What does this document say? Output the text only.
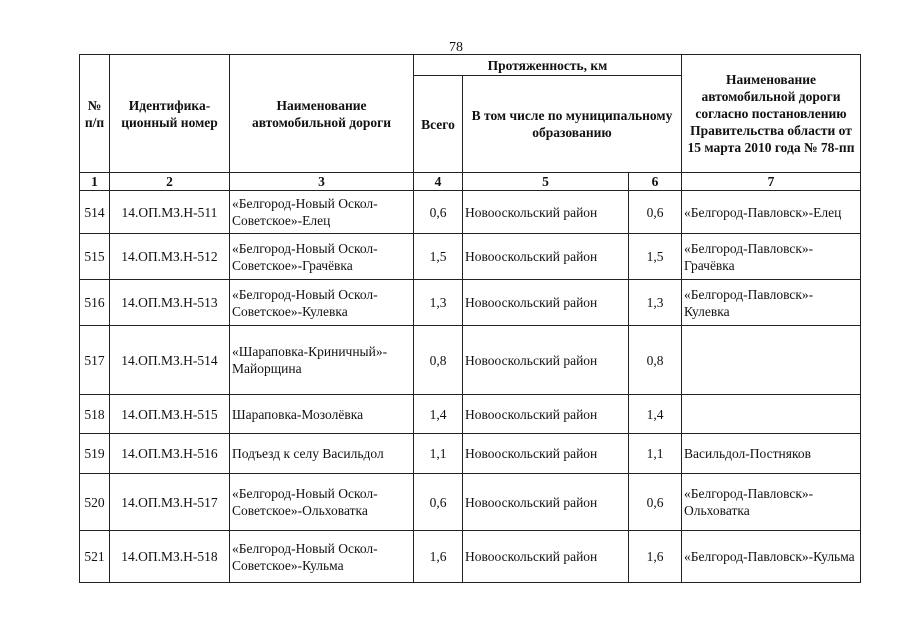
78
№ п/п	Идентифика-ционный номер	Наименование автомобильной дороги	Протяженность, км			Наименование автомобильной дороги согласно постановлению Правительства области от 15 марта 2010 года № 78-пп
			Всего	В том числе по муниципальному образованию		
1	2	3	4	5	6	7
514	14.ОП.МЗ.Н-511	«Белгород-Новый Оскол-Советское»-Елец	0,6	Новооскольский район	0,6	«Белгород-Павловск»-Елец
515	14.ОП.МЗ.Н-512	«Белгород-Новый Оскол-Советское»-Грачёвка	1,5	Новооскольский район	1,5	«Белгород-Павловск»-Грачёвка
516	14.ОП.МЗ.Н-513	«Белгород-Новый Оскол-Советское»-Кулевка	1,3	Новооскольский район	1,3	«Белгород-Павловск»-Кулевка
517	14.ОП.МЗ.Н-514	«Шараповка-Криничный»-Майорщина	0,8	Новооскольский район	0,8	
518	14.ОП.МЗ.Н-515	Шараповка-Мозолёвка	1,4	Новооскольский район	1,4	
519	14.ОП.МЗ.Н-516	Подъезд к селу Васильдол	1,1	Новооскольский район	1,1	Васильдол-Постняков
520	14.ОП.МЗ.Н-517	«Белгород-Новый Оскол-Советское»-Ольховатка	0,6	Новооскольский район	0,6	«Белгород-Павловск»-Ольховатка
521	14.ОП.МЗ.Н-518	«Белгород-Новый Оскол-Советское»-Кульма	1,6	Новооскольский район	1,6	«Белгород-Павловск»-Кульма
